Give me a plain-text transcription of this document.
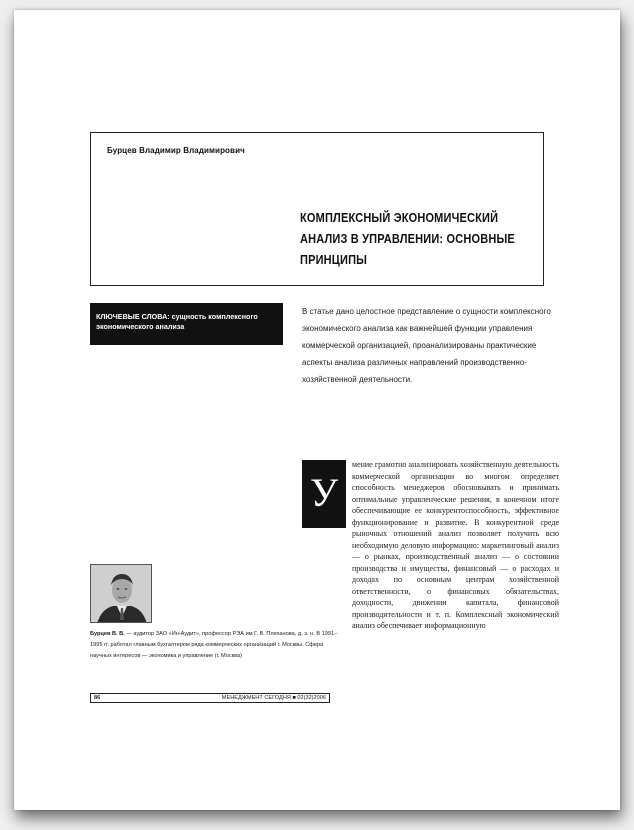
Бурцев Владимир Владимирович
КОМПЛЕКСНЫЙ ЭКОНОМИЧЕСКИЙ АНАЛИЗ В УПРАВЛЕНИИ: ОСНОВНЫЕ ПРИНЦИПЫ
КЛЮЧЕВЫЕ СЛОВА: сущность комплексного экономического анализа
В статье дано целостное представление о сущности комплексного экономического анализа как важнейшей функции управления коммерческой организацией, проанализированы практические аспекты анализа различных направлений производственно-хозяйственной деятельности.
У
мение грамотно анализировать хозяйственную деятельность коммерческой организации во многом определяет способность менеджеров обосновывать и принимать оптимальные управленческие решения, в конечном итоге обеспечивающие ее конкурентоспособность, эффективное функционирование и развитие. В конкурентной среде рыночных отношений анализ позволяет получить всю необходимую деловую информацию: маркетинговый анализ — о рынках, производственный анализ — о состоянии производства и имущества, финансовый — о расходах и доходах по основным центрам хозяйственной ответственности, о финансовых обязательствах, доходности, движении капитала, финансовой производительности и т. п. Комплексный экономический анализ обеспечивает информационную
Бурцев В. В. — аудитор ЗАО «Ин-Аудит», профессор РЭА им Г. В. Плеханова, д. э. н. В 1991–1995 гг. работал главным бухгалтером ряда коммерческих организаций г. Москвы. Сфера научных интересов — экономика и управление (г. Москва)
86	МЕНЕДЖМЕНТ СЕГОДНЯ ■ 02(32)2006
